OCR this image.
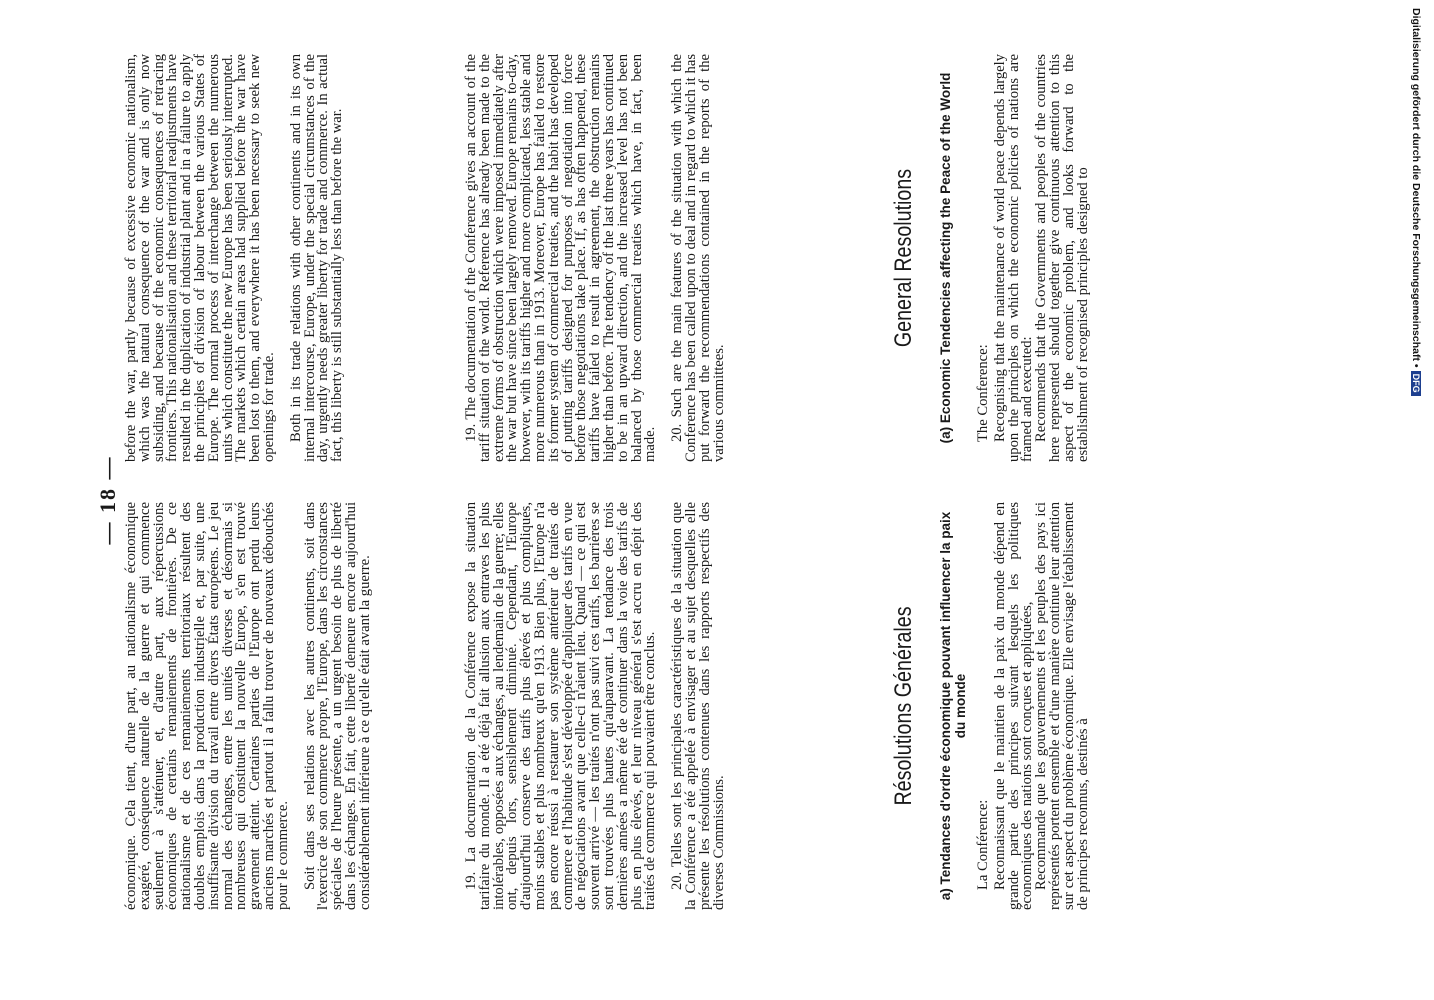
— 18 —

économique. Cela tient, d'une part, au nationalisme économique exagéré, conséquence naturelle de la guerre et qui commence seulement à s'atténuer, et, d'autre part, aux répercussions économiques de certains remaniements de frontières. De ce nationalisme et de ces remaniements territoriaux résultent des doubles emplois dans la production industrielle et, par suite, une insuffisante division du travail entre divers États européens. Le jeu normal des échanges, entre les unités diverses et désormais si nombreuses qui constituent la nouvelle Europe, s'en est trouvé gravement atteint. Certaines parties de l'Europe ont perdu leurs anciens marchés et partout il a fallu trouver de nouveaux débouchés pour le commerce. Soit dans ses relations avec les autres continents, soit dans l'exercice de son commerce propre, l'Europe, dans les circonstances spéciales de l'heure présente, a un urgent besoin de plus de liberté dans les échanges. En fait, cette liberté demeure encore aujourd'hui considérablement inférieure à ce qu'elle était avant la guerre.

before the war, partly because of excessive economic nationalism, which was the natural consequence of the war and is only now subsiding, and because of the economic consequences of retracing frontiers. This nationalisation and these territorial readjustments have resulted in the duplication of industrial plant and in a failure to apply the principles of division of labour between the various States of Europe. The normal process of interchange between the numerous units which constitute the new Europe has been seriously interrupted. The markets which certain areas had supplied before the war have been lost to them, and everywhere it has been necessary to seek new openings for trade. Both in its trade relations with other continents and in its own internal intercourse, Europe, under the special circumstances of the day, urgently needs greater liberty for trade and commerce. In actual fact, this liberty is still substantially less than before the war.

19. La documentation de la Conférence expose la situation tarifaire du monde. Il a été déjà fait allusion aux entraves les plus intolérables, opposées aux échanges, au lendemain de la guerre; elles ont, depuis lors, sensiblement diminué. Cependant, l'Europe d'aujourd'hui conserve des tarifs plus élevés et plus compliqués, moins stables et plus nombreux qu'en 1913. Bien plus, l'Europe n'a pas encore réussi à restaurer son système antérieur de traités de commerce et l'habitude s'est développée d'appliquer des tarifs en vue de négociations avant que celle-ci n'aient lieu. Quand — ce qui est souvent arrivé — les traités n'ont pas suivi ces tarifs, les barrières se sont trouvées plus hautes qu'auparavant. La tendance des trois dernières années a même été de continuer dans la voie des tarifs de plus en plus élevés, et leur niveau général s'est accru en dépit des traités de commerce qui pouvaient être conclus. 20. Telles sont les principales caractéristiques de la situation que la Conférence a été appelée à envisager et au sujet desquelles elle présente les résolutions contenues dans les rapports respectifs des diverses Commissions.

19. The documentation of the Conference gives an account of the tariff situation of the world. Reference has already been made to the extreme forms of obstruction which were imposed immediately after the war but have since been largely removed. Europe remains to-day, however, with its tariffs higher and more complicated, less stable and more numerous than in 1913. Moreover, Europe has failed to restore its former system of commercial treaties, and the habit has developed of putting tariffs designed for purposes of negotiation into force before those negotiations take place. If, as has often happened, these tariffs have failed to result in agreement, the obstruction remains higher than before. The tendency of the last three years has continued to be in an upward direction, and the increased level has not been balanced by those commercial treaties which have, in fact, been made.

20. Such are the main features of the situation with which the Conference has been called upon to deal and in regard to which it has put forward the recommendations contained in the reports of the various committees.

Résolutions Générales
General Resolutions
a) Tendances d'ordre économique pouvant influencer la paix du monde
(a) Economic Tendencies affecting the Peace of the World

La Conférence: Reconnaissant que le maintien de la paix du monde dépend en grande partie des principes suivant lesquels les politiques économiques des nations sont conçues et appliquées,

Recommande que les gouvernements et les peuples des pays ici représentés portent ensemble et d'une manière continue leur attention sur cet aspect du problème économique. Elle envisage l'établissement de principes reconnus, destinés à

The Conference: Recognising that the maintenance of world peace depends largely upon the principles on which the economic policies of nations are framed and executed:

Recommends that the Governments and peoples of the countries here represented should together give continuous attention to this aspect of the economic problem, and looks forward to the establishment of recognised principles designed to	Digitalisierung gefördert durch die Deutsche Forschungsgemeinschaft •DFG
